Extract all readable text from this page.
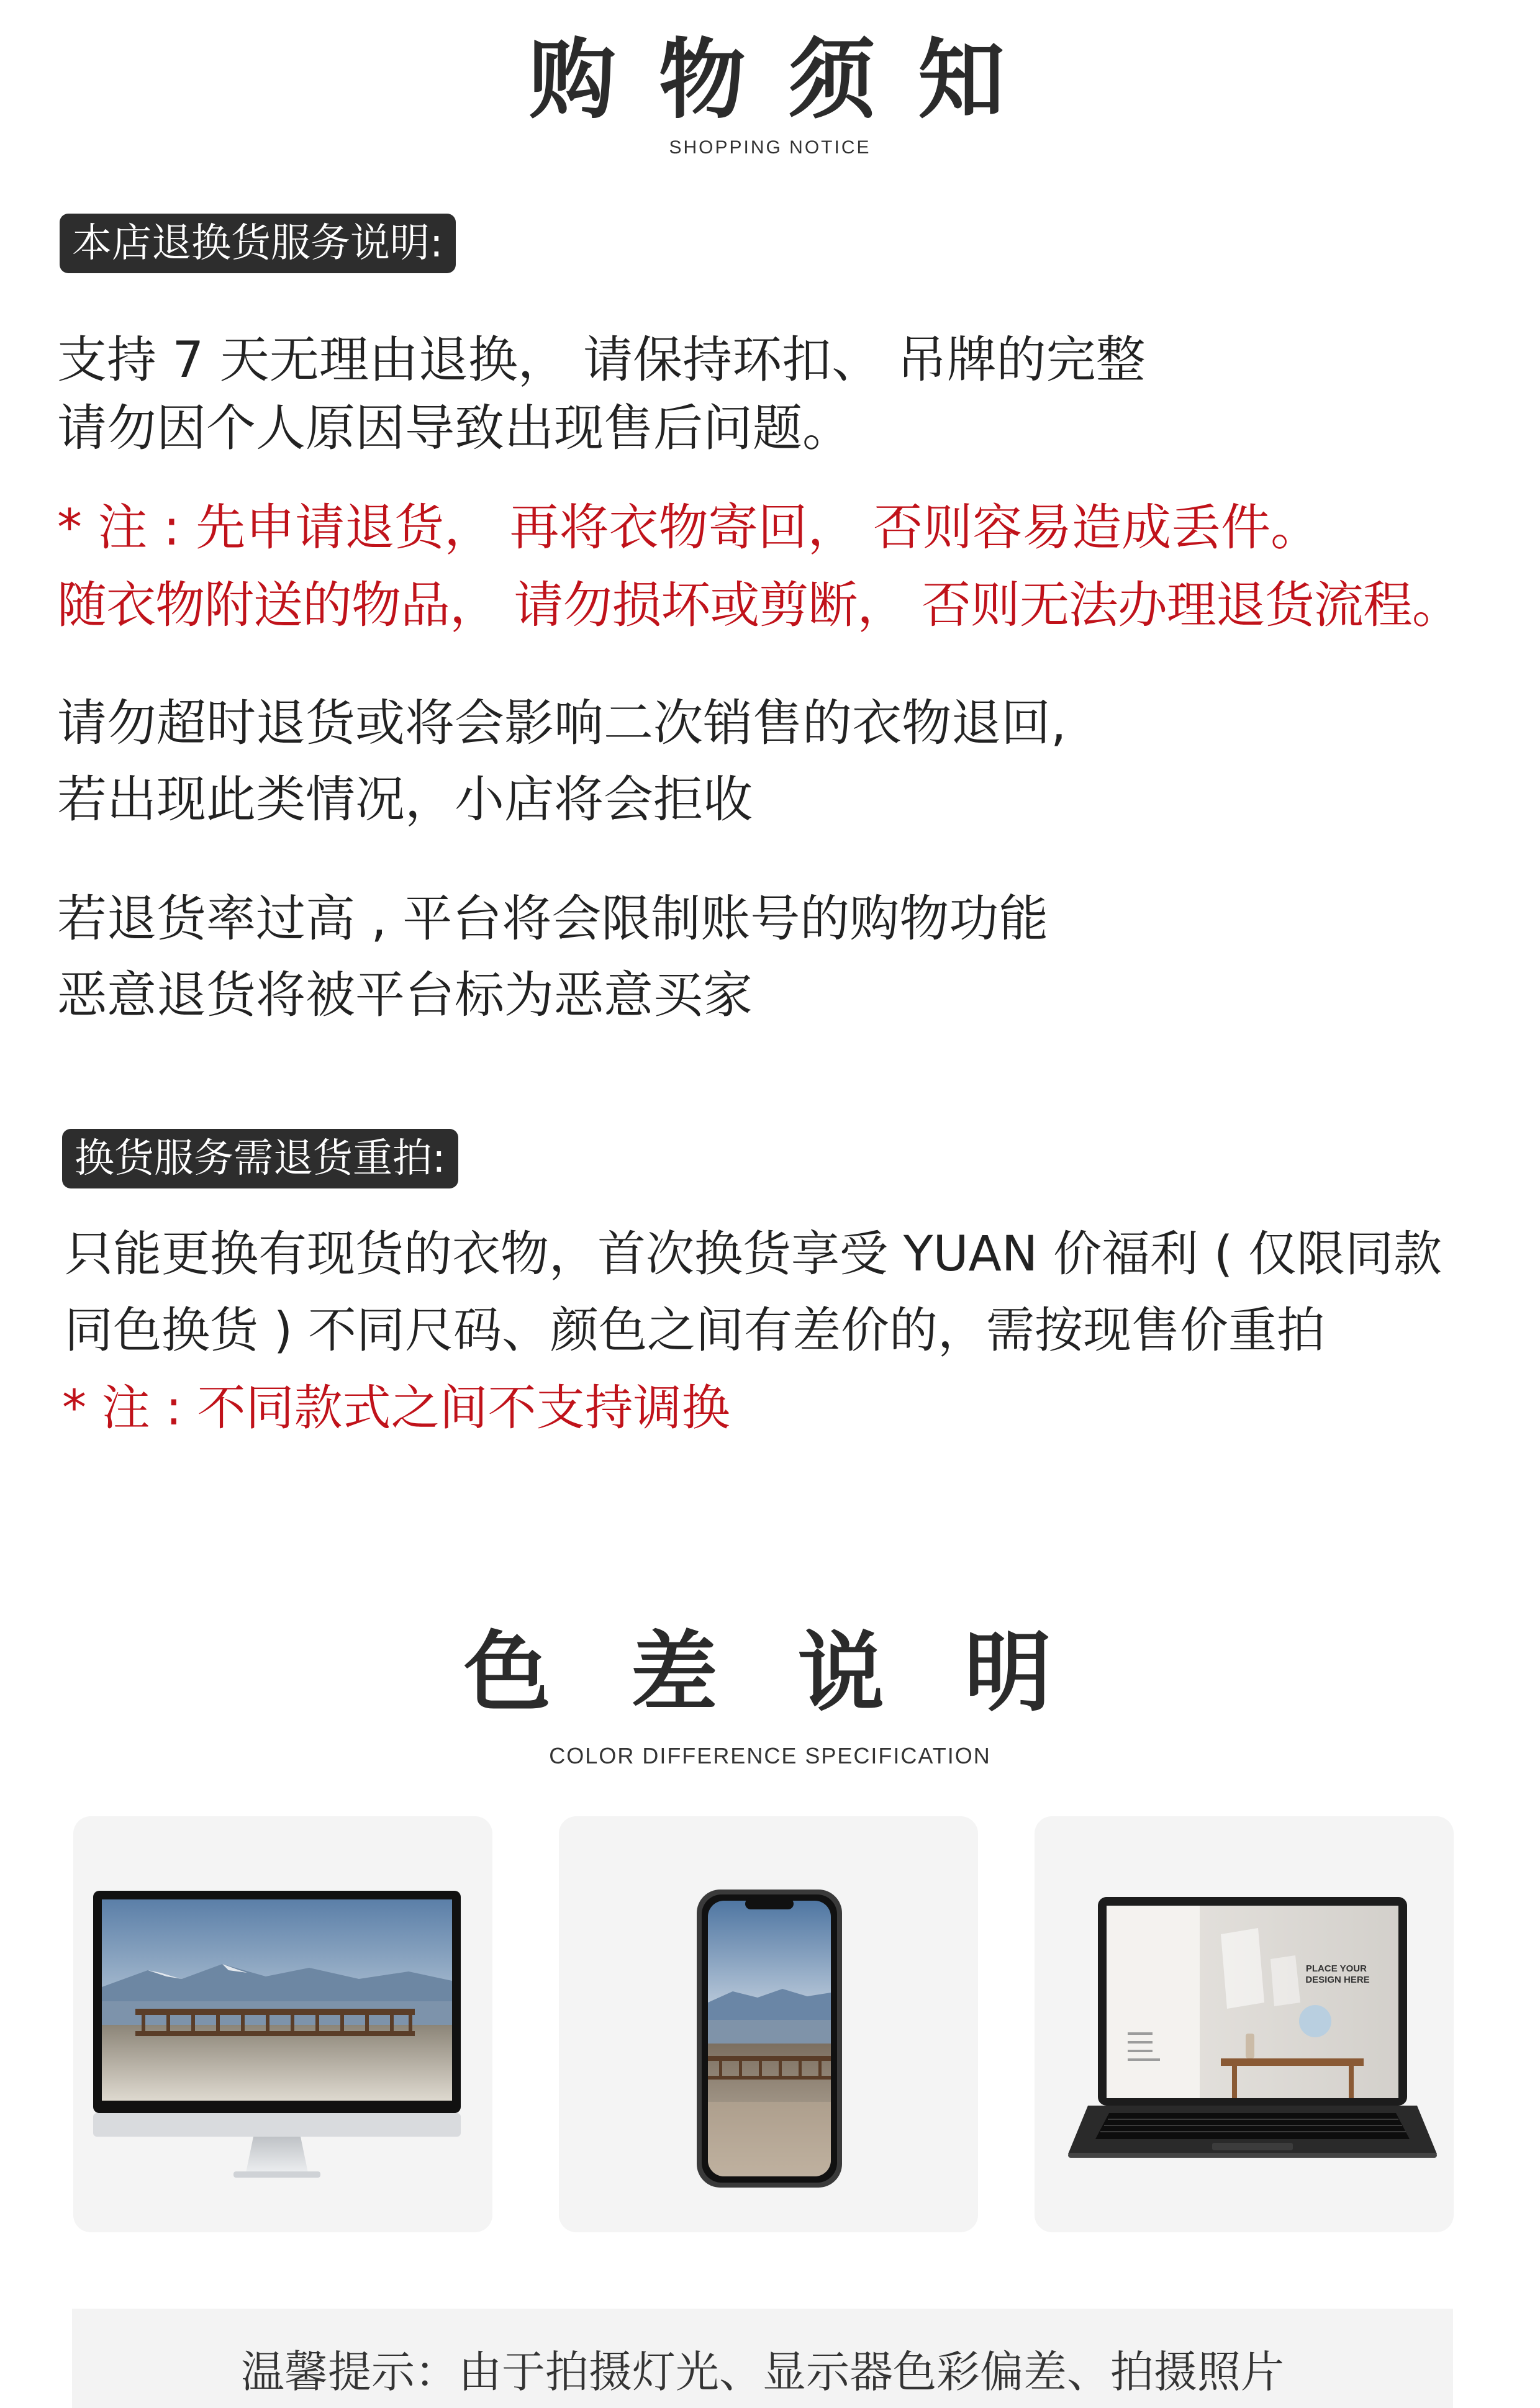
购 物 须 知
SHOPPING NOTICE
本店退换货服务说明:
支持 7 天无理由退换， 请保持环扣、 吊牌的完整
请勿因个人原因导致出现售后问题。
* 注 : 先申请退货， 再将衣物寄回， 否则容易造成丢件。
随衣物附送的物品， 请勿损坏或剪断， 否则无法办理退货流程。
请勿超时退货或将会影响二次销售的衣物退回,
若出现此类情况，小店将会拒收
若退货率过高 , 平台将会限制账号的购物功能
恶意退货将被平台标为恶意买家
换货服务需退货重拍:
只能更换有现货的衣物，首次换货享受 YUAN 价福利 ( 仅限同款
同色换货 ) 不同尺码、颜色之间有差价的，需按现售价重拍
* 注 : 不同款式之间不支持调换
色 差 说 明
COLOR DIFFERENCE SPECIFICATION
PLACE YOUR DESIGN HERE
温馨提示：由于拍摄灯光、显示器色彩偏差、拍摄照片
